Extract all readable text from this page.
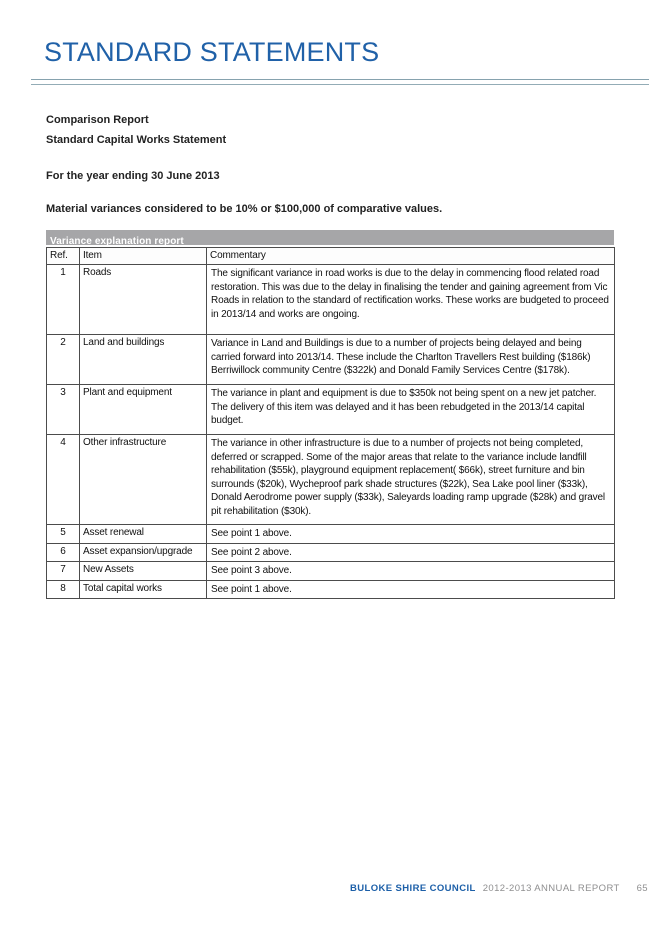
STANDARD STATEMENTS

Comparison Report

Standard Capital Works Statement

For the year ending 30 June 2013

Material variances considered to be 10% or $100,000 of comparative values.

Variance explanation report
Ref.	Item	Commentary
1	Roads	The significant variance in road works is due to the delay in commencing flood related road restoration. This was due to the delay in finalising the tender and gaining agreement from Vic Roads in relation to the standard of rectification works. These works are budgeted to proceed in 2013/14 and works are ongoing.
2	Land and buildings	Variance in Land and Buildings is due to a number of projects being delayed and being carried forward into 2013/14. These include the Charlton Travellers Rest building ($186k) Berriwillock community Centre ($322k) and Donald Family Services Centre ($178k).
3	Plant and equipment	The variance in plant and equipment is due to $350k not being spent on a new jet patcher. The delivery of this item was delayed and it has been rebudgeted in the 2013/14 capital budget.
4	Other infrastructure	The variance in other infrastructure is due to a number of projects not being completed, deferred or scrapped. Some of the major areas that relate to the variance include landfill rehabilitation ($55k), playground equipment replacement( $66k), street furniture and bin surrounds ($20k), Wycheproof park shade structures ($22k), Sea Lake pool liner ($33k), Donald Aerodrome power supply ($33k), Saleyards loading ramp upgrade ($28k) and gravel pit rehabilitation ($30k).
5	Asset renewal	See point 1 above.
6	Asset expansion/upgrade	See point 2 above.
7	New Assets	See point 3 above.
8	Total capital works	See point 1 above.
BULOKE SHIRE COUNCIL 2012-2013 ANNUAL REPORT 65
